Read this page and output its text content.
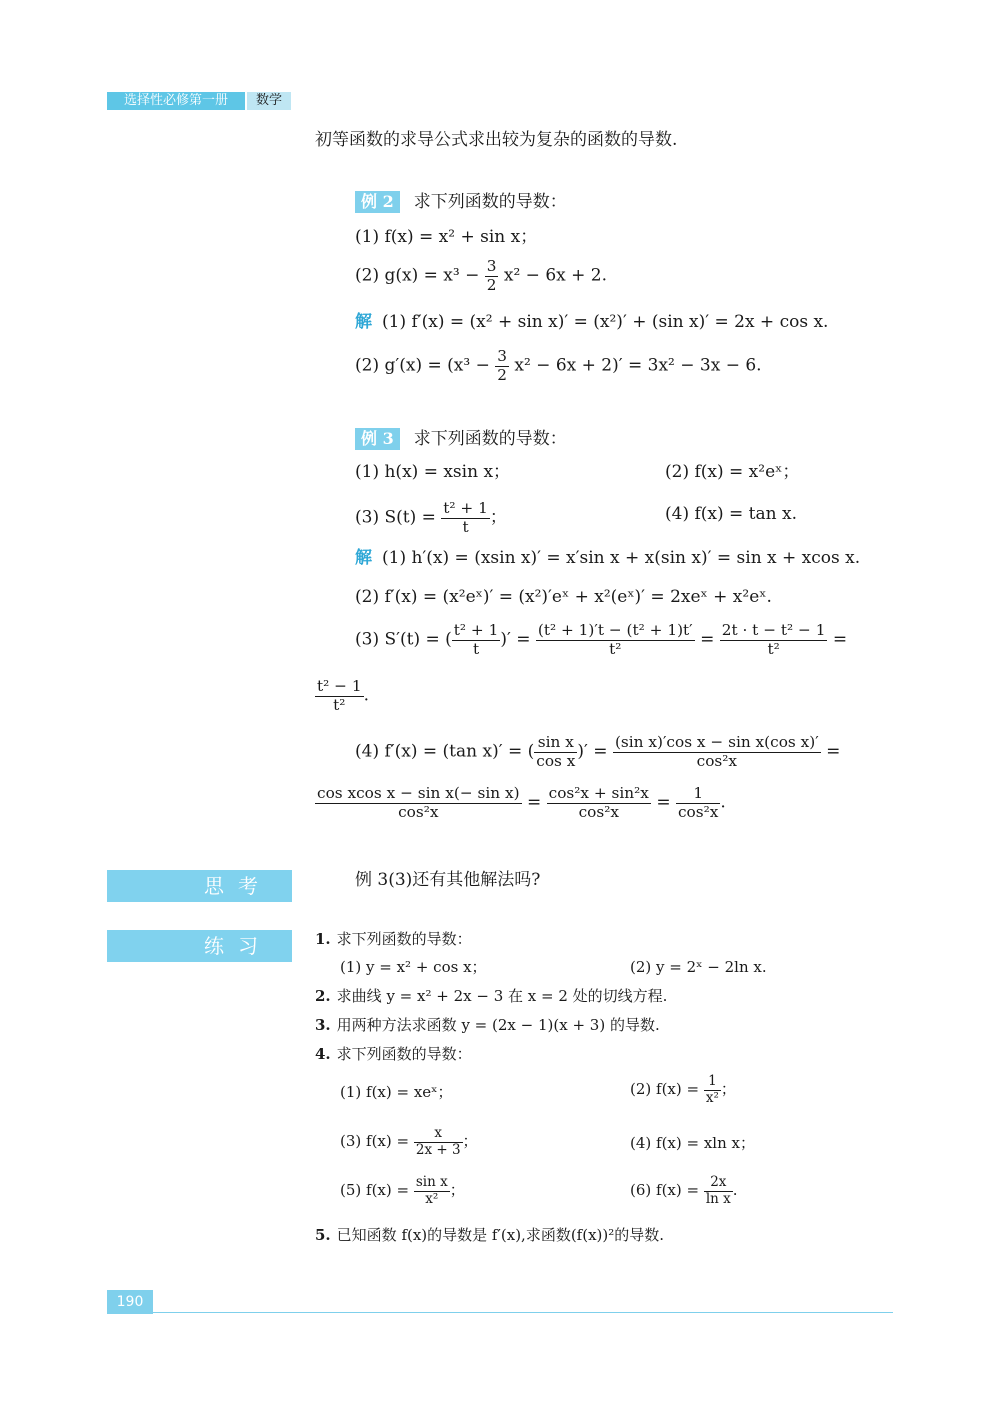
选择性必修第一册	数学
初等函数的求导公式求出较为复杂的函数的导数.
例 2 求下列函数的导数：
(1) f(x) = x² + sin x；
(2) $g(x) = x^3 - \frac{3}{2} x^2 - 6x + 2$.
解 (1) f′(x) = (x² + sin x)′ = (x²)′ + (sin x)′ = 2x + cos x.
(2) $g'(x) = (x^3 - \frac{3}{2} x^2 - 6x + 2)' = 3x^2 - 3x - 6$.
例 3 求下列函数的导数：
(1) h(x) = xsin x；	(2) f(x) = x²eˣ；
(3) $S(t) = \frac{\text{t² + 1}}{t}$ ；	(4) f(x) = tan x.
解 (1) h′(x) = (xsin x)′ = x′sin x + x(sin x)′ = sin x + xcos x.
(2) f′(x) = (x²eˣ)′ = (x²)′eˣ + x²(eˣ)′ = 2xeˣ + x²eˣ.
(3) S′(t) = ( $\frac{\text{t² + 1}}{t}$ )′ = $\frac{\text{(t² + 1)′t − (t² + 1)t′}}{\text{t²}} = \frac{\text{2t · t − t² − 1}}{\text{t²}}$ =
$\frac{\text{t² − 1}}{\text{t²}}$ .
(4) f′(x) = (tan x)′ = ( $\frac{\text{sin x}}{\text{cos x}}$ )′ = $\frac{\text{(sin x)′cos x − sin x(cos x)′}}{\text{cos²x}}$ =
$\frac{\text{cos xcos x − sin x(− sin x)}}{\text{cos²x}} = \frac{\text{cos²x + sin²x}}{\text{cos²x}} = \frac{1}{\text{cos²x}}$ .
思考	例 3(3)还有其他解法吗?
练习	1. 求下列函数的导数：
(1) y = x² + cos x；	(2) y = 2ˣ − 2ln x.
2. 求曲线 y = x² + 2x − 3 在 x = 2 处的切线方程.
3. 用两种方法求函数 y = (2x − 1)(x + 3) 的导数.
4. 求下列函数的导数：
(1) f(x) = xeˣ；	(2) $f(x) = \frac{1}{\text{x²}}$ ；
(3) $f(x) = \frac{x}{2x + 3}$ ；	(4) f(x) = xln x；
(5) $f(x) = \frac{\text{sin x}}{\text{x²}}$ ；	(6) $f(x) = \frac{2x}{\text{ln x}}$ .
5. 已知函数 f(x)的导数是 f′(x),求函数(f(x))²的导数.
190
